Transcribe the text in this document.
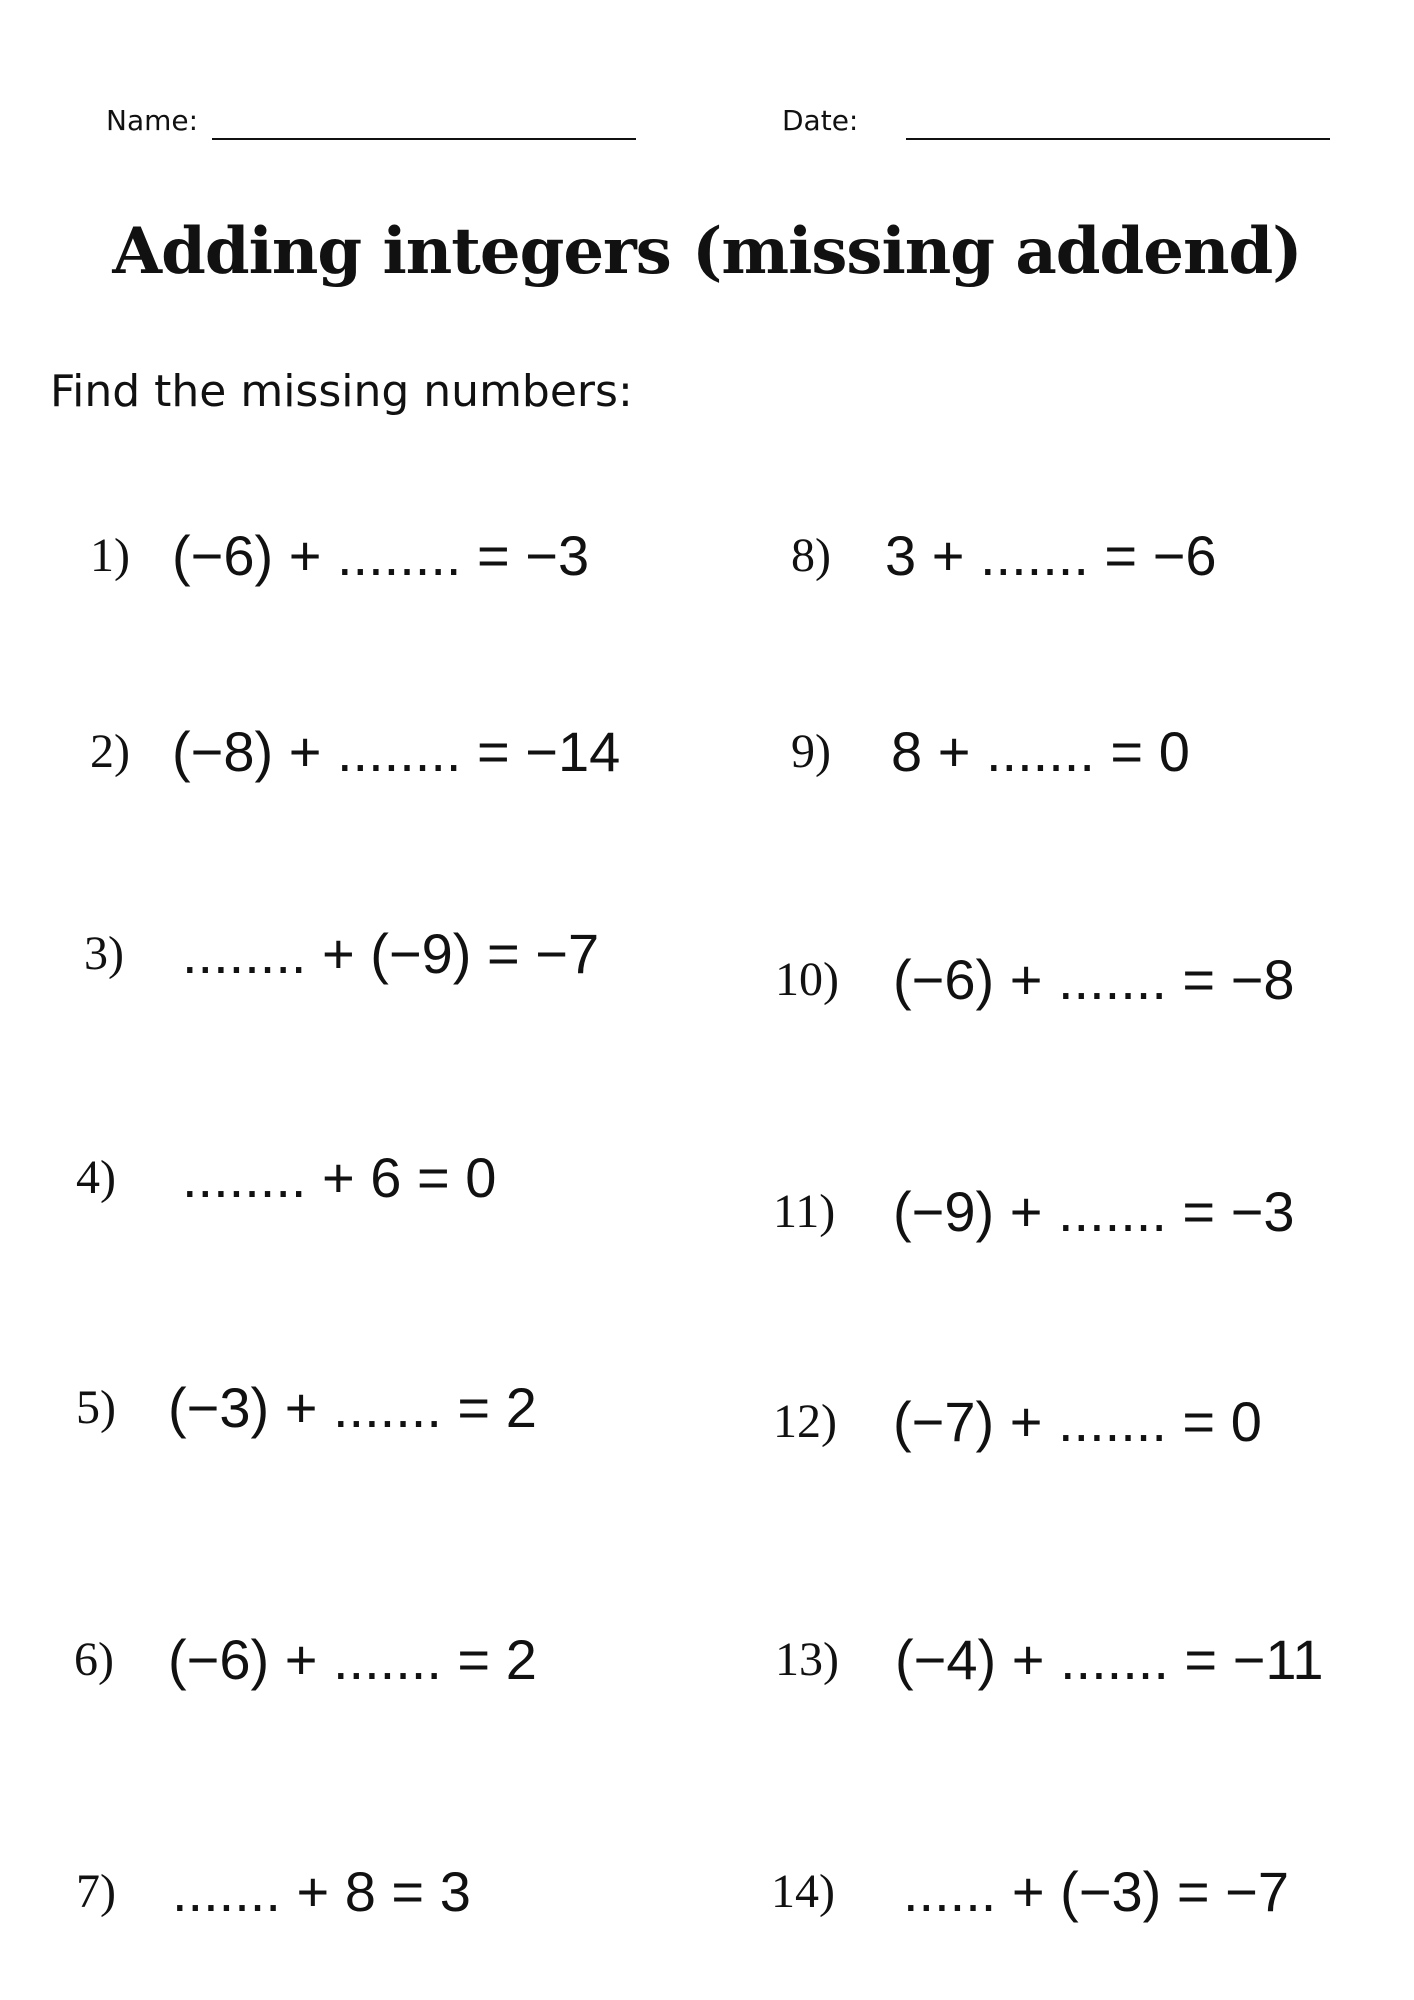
Name:	Date:
Adding integers (missing addend)
Find the missing numbers:
1) (−6) + ........ = −3
2) (−8) + ........ = −14
3) ........ + (−9) = −7
4) ........ + 6 = 0
5) (−3) + ....... = 2
6) (−6) + ....... = 2
7) ....... + 8 = 3
8) 3 + ....... = −6
9) 8 + ....... = 0
10) (−6) + ....... = −8
11) (−9) + ....... = −3
12) (−7) + ....... = 0
13) (−4) + ....... = −11
14) ...... + (−3) = −7
